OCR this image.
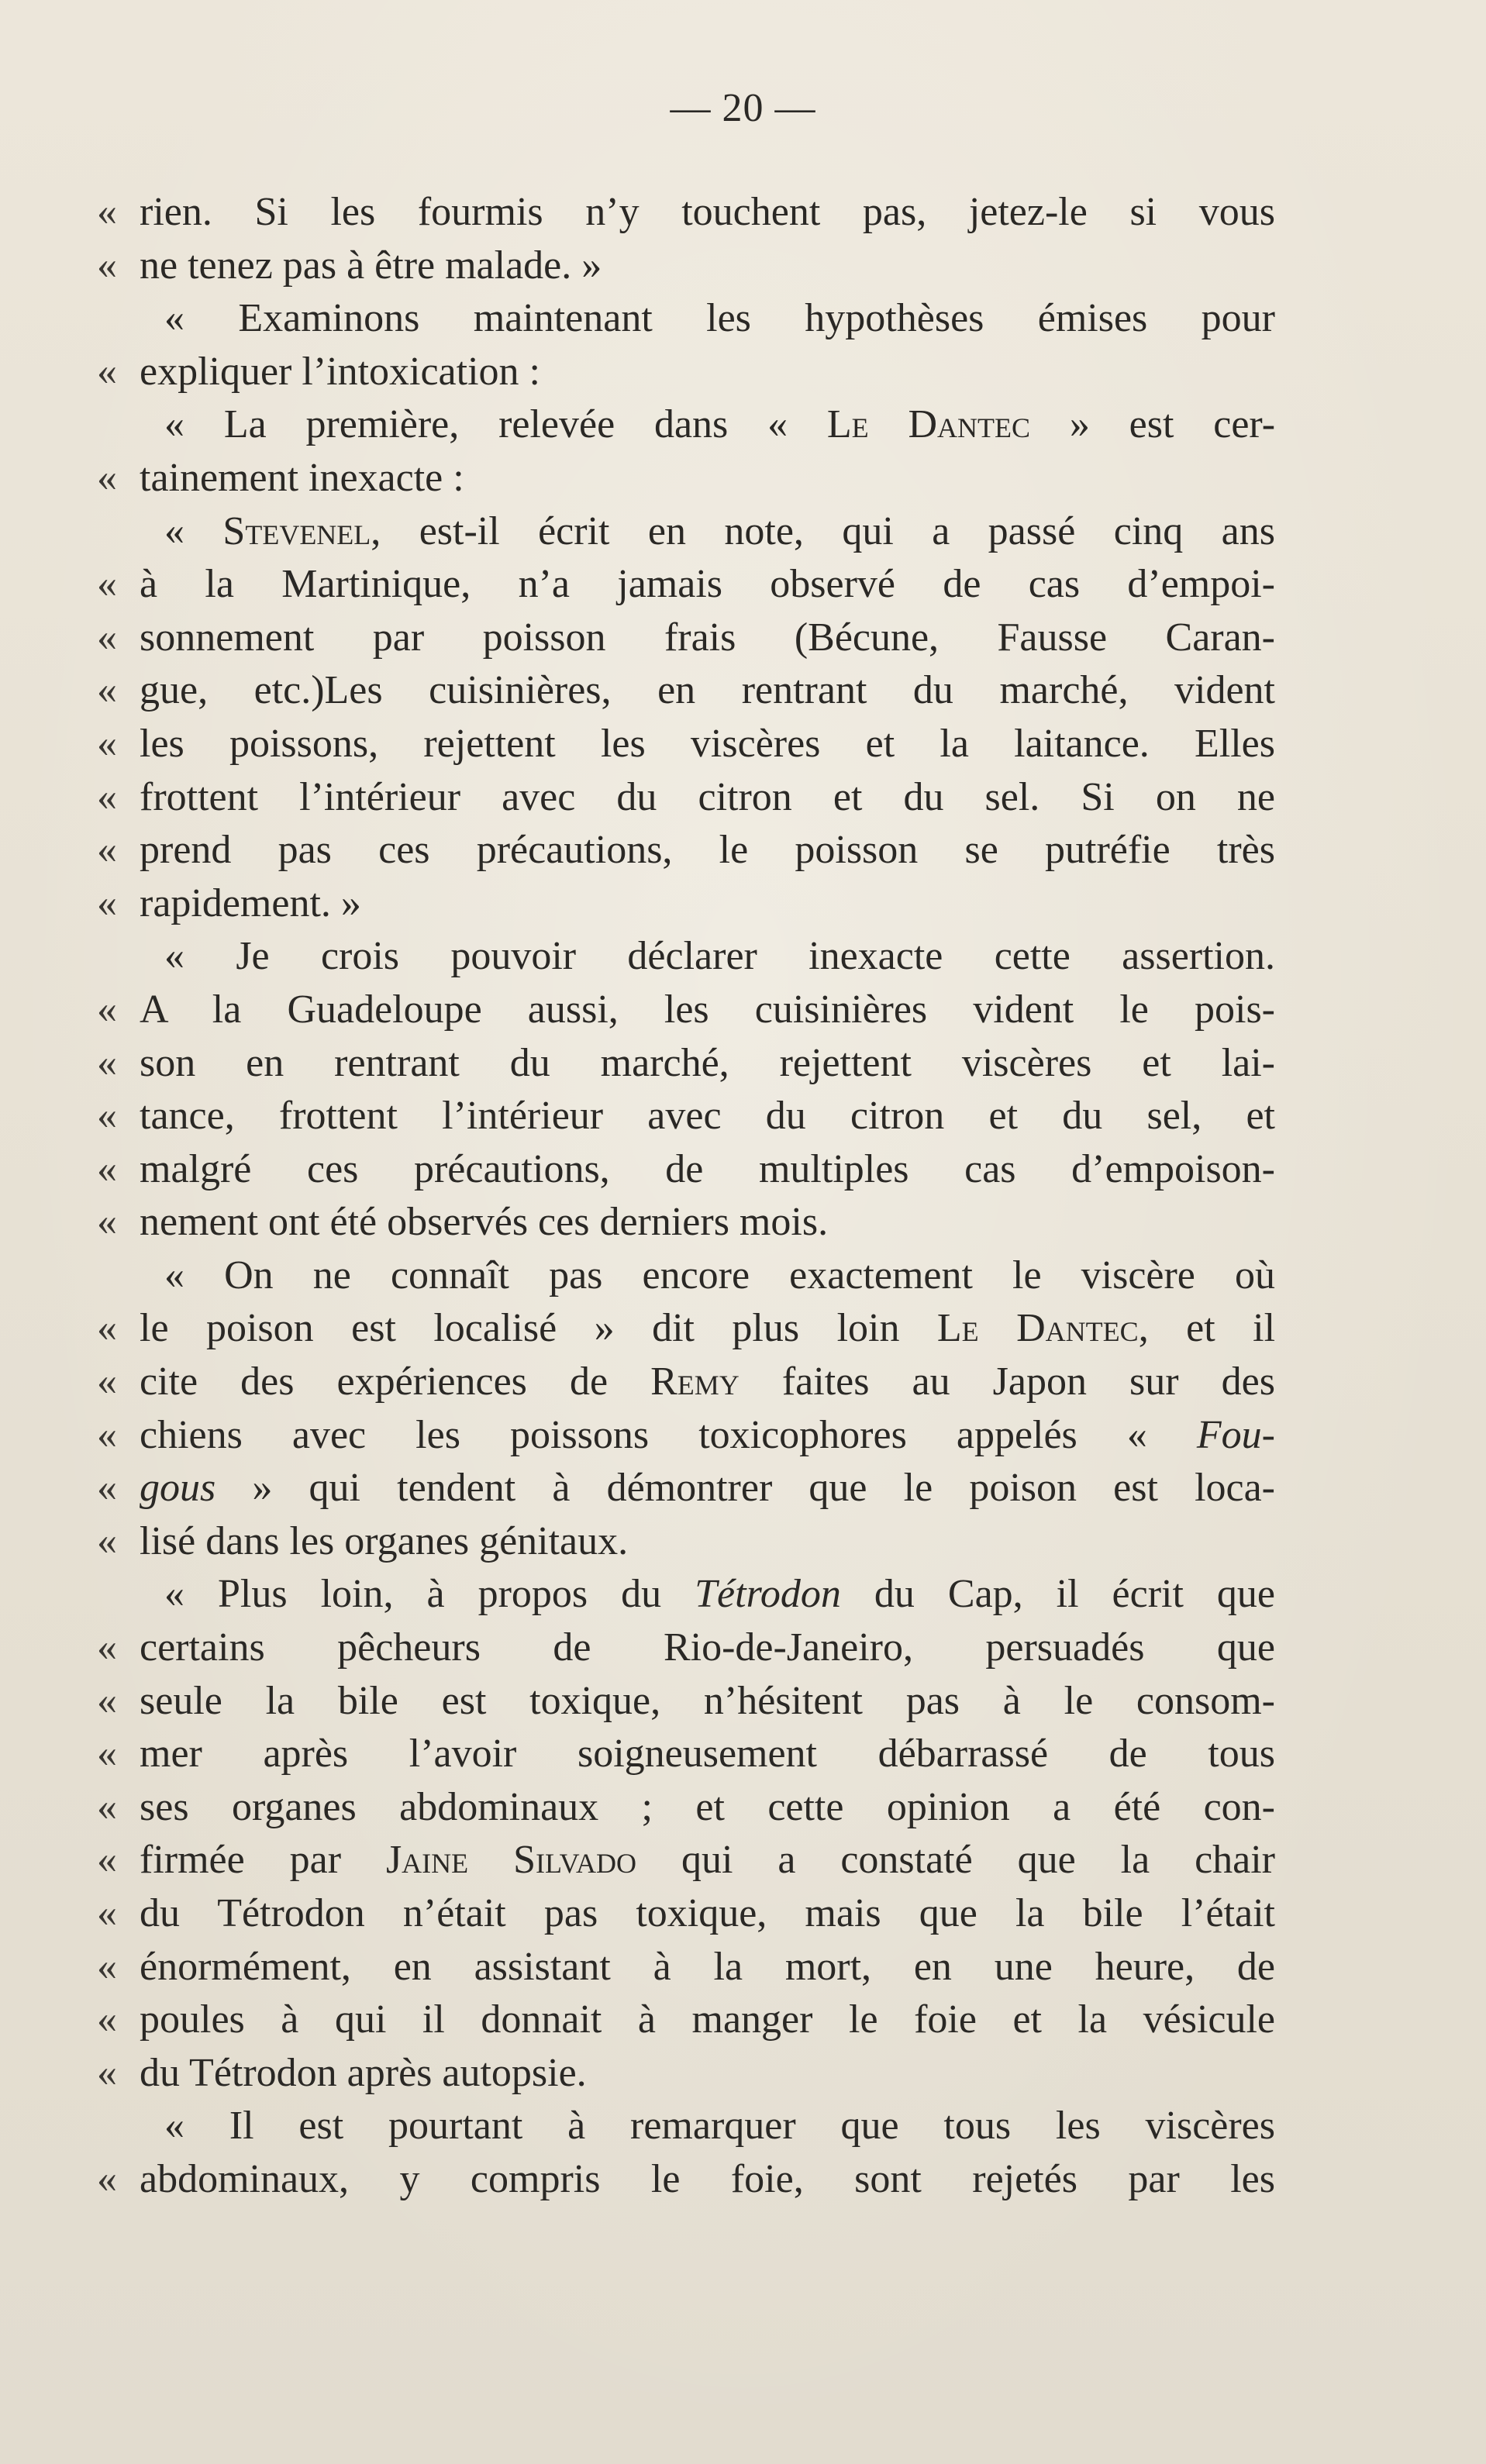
— 20 —
« rien. Si les fourmis n’y touchent pas, jetez-le si vous
« ne tenez pas à être malade. »
« Examinons maintenant les hypothèses émises pour
« expliquer l’intoxication :
« La première, relevée dans « Le Dantec » est cer-
« tainement inexacte :
« Stevenel, est-il écrit en note, qui a passé cinq ans
« à la Martinique, n’a jamais observé de cas d’empoi-
« sonnement par poisson frais (Bécune, Fausse Caran-
« gue, etc.)Les cuisinières, en rentrant du marché, vident
« les poissons, rejettent les viscères et la laitance. Elles
« frottent l’intérieur avec du citron et du sel. Si on ne
« prend pas ces précautions, le poisson se putréfie très
« rapidement. »
« Je crois pouvoir déclarer inexacte cette assertion.
« A la Guadeloupe aussi, les cuisinières vident le pois-
« son en rentrant du marché, rejettent viscères et lai-
« tance, frottent l’intérieur avec du citron et du sel, et
« malgré ces précautions, de multiples cas d’empoison-
« nement ont été observés ces derniers mois.
« On ne connaît pas encore exactement le viscère où
« le poison est localisé » dit plus loin Le Dantec, et il
« cite des expériences de Remy faites au Japon sur des
« chiens avec les poissons toxicophores appelés « Fou-
« gous » qui tendent à démontrer que le poison est loca-
« lisé dans les organes génitaux.
« Plus loin, à propos du Tétrodon du Cap, il écrit que
« certains pêcheurs de Rio-de-Janeiro, persuadés que
« seule la bile est toxique, n’hésitent pas à le consom-
« mer après l’avoir soigneusement débarrassé de tous
« ses organes abdominaux ; et cette opinion a été con-
« firmée par Jaine Silvado qui a constaté que la chair
« du Tétrodon n’était pas toxique, mais que la bile l’était
« énormément, en assistant à la mort, en une heure, de
« poules à qui il donnait à manger le foie et la vésicule
« du Tétrodon après autopsie.
« Il est pourtant à remarquer que tous les viscères
« abdominaux, y compris le foie, sont rejetés par les
